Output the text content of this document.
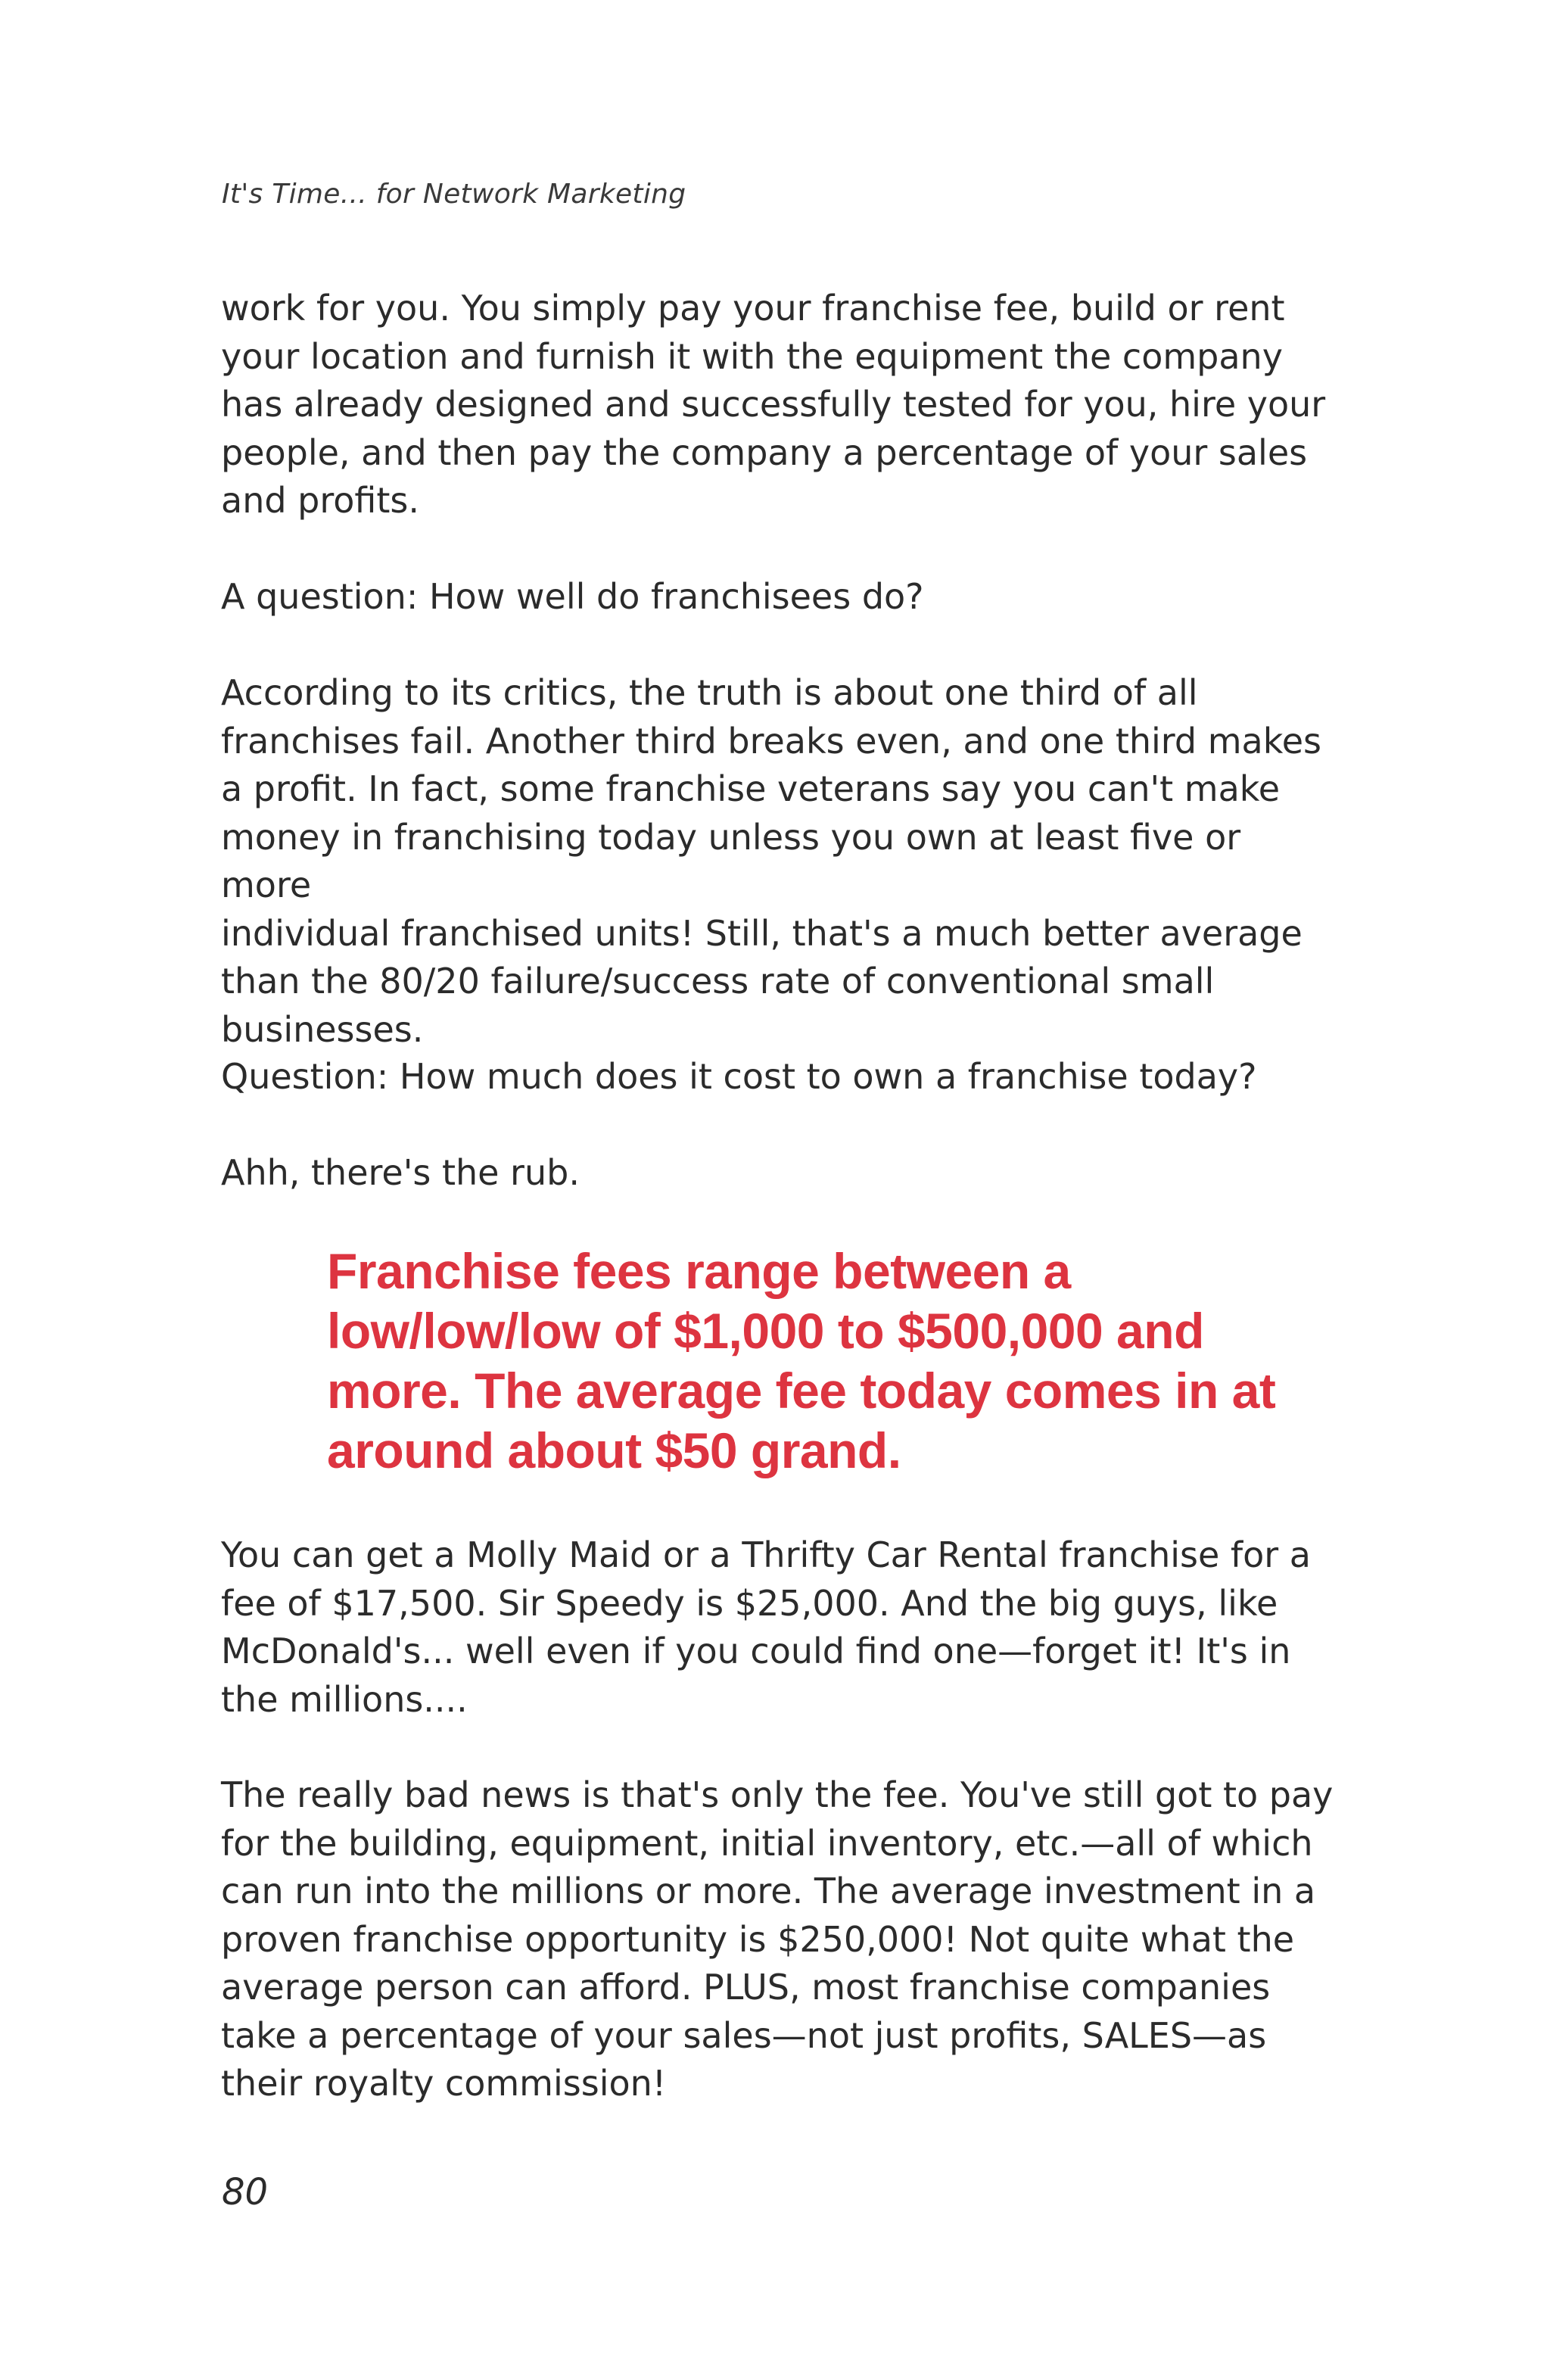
It's Time... for Network Marketing

work for you. You simply pay your franchise fee, build or rent

your location and furnish it with the equipment the company

has already designed and successfully tested for you, hire your

people, and then pay the company a percentage of your sales

and profits.

A question: How well do franchisees do?

According to its critics, the truth is about one third of all

franchises fail. Another third breaks even, and one third makes

a profit. In fact, some franchise veterans say you can't make

money in franchising today unless you own at least five or more

individual franchised units! Still, that's a much better average

than the 80/20 failure/success rate of conventional small

businesses.

Question: How much does it cost to own a franchise today?

Ahh, there's the rub.

Franchise fees range between a
low/low/low of $1,000 to $500,000 and
more. The average fee today comes in at
around about $50 grand.

You can get a Molly Maid or a Thrifty Car Rental franchise for a

fee of $17,500. Sir Speedy is $25,000. And the big guys, like

McDonald's... well even if you could find one—forget it! It's in

the millions....

The really bad news is that's only the fee. You've still got to pay

for the building, equipment, initial inventory, etc.—all of which

can run into the millions or more. The average investment in a

proven franchise opportunity is $250,000! Not quite what the

average person can afford. PLUS, most franchise companies

take a percentage of your sales—not just profits, SALES—as

their royalty commission!

80
